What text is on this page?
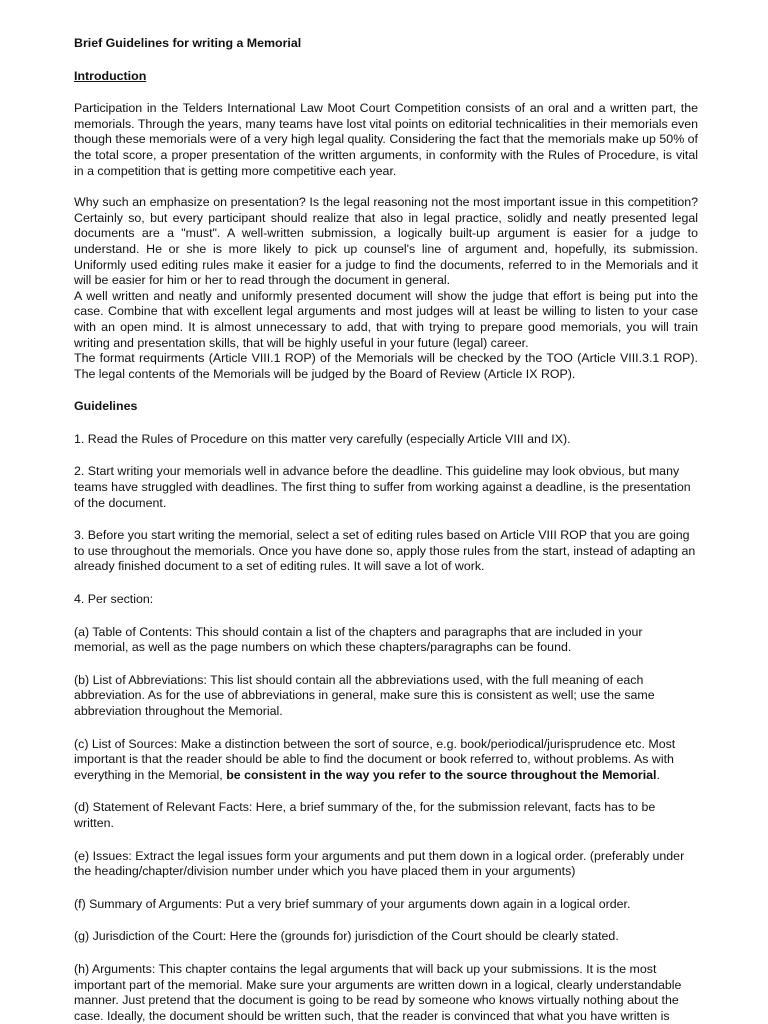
Brief Guidelines for writing a Memorial

Introduction

Participation in the Telders International Law Moot Court Competition consists of an oral and a written part, the memorials. Through the years, many teams have lost vital points on editorial technicalities in their memorials even though these memorials were of a very high legal quality. Considering the fact that the memorials make up 50% of the total score, a proper presentation of the written arguments, in conformity with the Rules of Procedure, is vital in a competition that is getting more competitive each year.

Why such an emphasize on presentation? Is the legal reasoning not the most important issue in this competition? Certainly so, but every participant should realize that also in legal practice, solidly and neatly presented legal documents are a "must". A well-written submission, a logically built-up argument is easier for a judge to understand. He or she is more likely to pick up counsel's line of argument and, hopefully, its submission. Uniformly used editing rules make it easier for a judge to find the documents, referred to in the Memorials and it will be easier for him or her to read through the document in general.

A well written and neatly and uniformly presented document will show the judge that effort is being put into the case. Combine that with excellent legal arguments and most judges will at least be willing to listen to your case with an open mind. It is almost unnecessary to add, that with trying to prepare good memorials, you will train writing and presentation skills, that will be highly useful in your future (legal) career.

The format requirments (Article VIII.1 ROP) of the Memorials will be checked by the TOO (Article VIII.3.1 ROP). The legal contents of the Memorials will be judged by the Board of Review (Article IX ROP).

Guidelines

1. Read the Rules of Procedure on this matter very carefully (especially Article VIII and IX).

2. Start writing your memorials well in advance before the deadline. This guideline may look obvious, but many teams have struggled with deadlines. The first thing to suffer from working against a deadline, is the presentation of the document.

3. Before you start writing the memorial, select a set of editing rules based on Article VIII ROP that you are going to use throughout the memorials. Once you have done so, apply those rules from the start, instead of adapting an already finished document to a set of editing rules. It will save a lot of work.

4. Per section:

(a) Table of Contents: This should contain a list of the chapters and paragraphs that are included in your memorial, as well as the page numbers on which these chapters/paragraphs can be found.

(b) List of Abbreviations: This list should contain all the abbreviations used, with the full meaning of each abbreviation. As for the use of abbreviations in general, make sure this is consistent as well; use the same abbreviation throughout the Memorial.

(c) List of Sources: Make a distinction between the sort of source, e.g. book/periodical/jurisprudence etc. Most important is that the reader should be able to find the document or book referred to, without problems. As with everything in the Memorial, be consistent in the way you refer to the source throughout the Memorial.

(d) Statement of Relevant Facts: Here, a brief summary of the, for the submission relevant, facts has to be written.

(e) Issues: Extract the legal issues form your arguments and put them down in a logical order. (preferably under the heading/chapter/division number under which you have placed them in your arguments)

(f) Summary of Arguments: Put a very brief summary of your arguments down again in a logical order.

(g) Jurisdiction of the Court: Here the (grounds for) jurisdiction of the Court should be clearly stated.

(h) Arguments: This chapter contains the legal arguments that will back up your submissions. It is the most important part of the memorial. Make sure your arguments are written down in a logical, clearly understandable manner. Just pretend that the document is going to be read by someone who knows virtually nothing about the case. Ideally, the document should be written such, that the reader is convinced that what you have written is
